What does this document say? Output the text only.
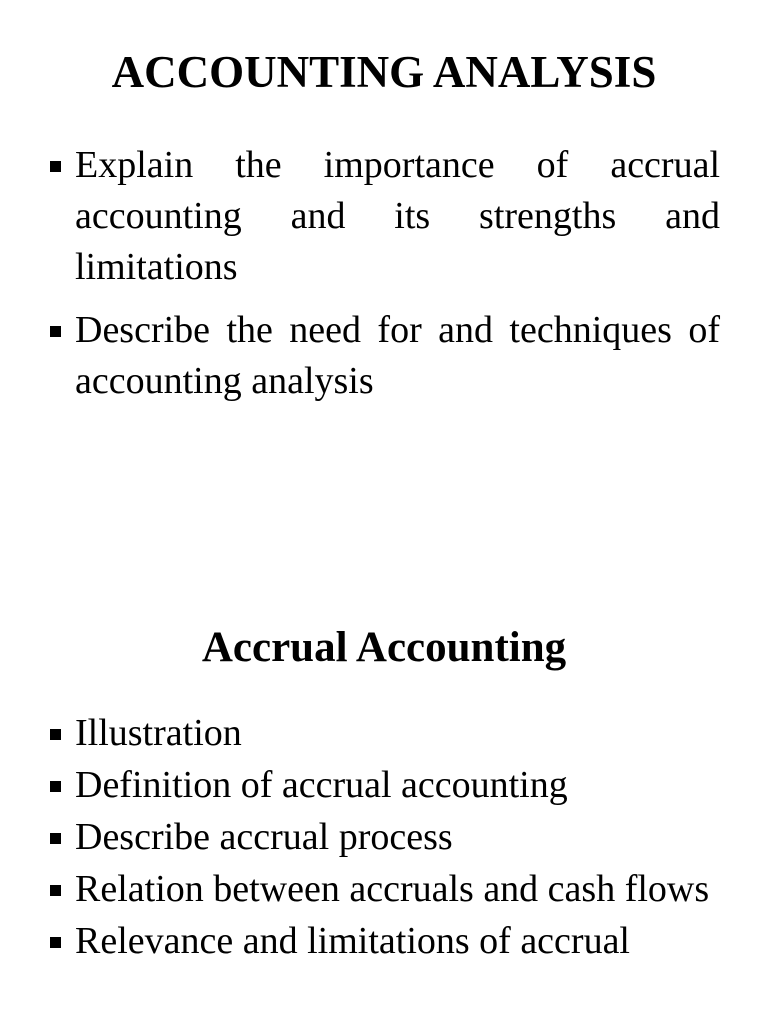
ACCOUNTING ANALYSIS
Explain the importance of accrual accounting and its strengths and limitations
Describe the need for and techniques of accounting analysis
Accrual Accounting
Illustration
Definition of accrual accounting
Describe accrual process
Relation between accruals and cash flows
Relevance and limitations of accrual
